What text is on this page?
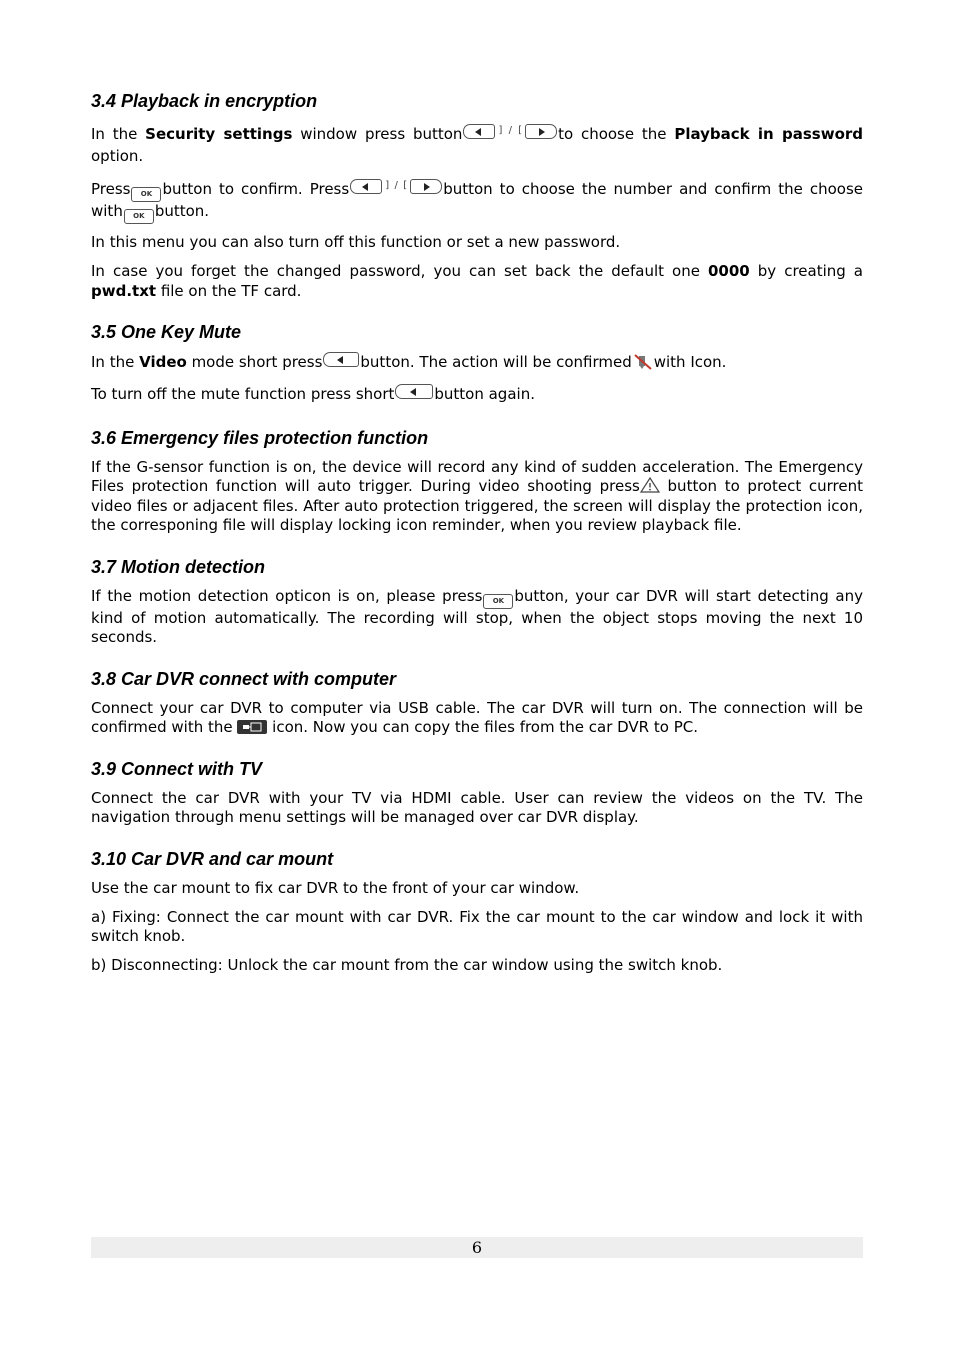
3.4 Playback in encryption

In the Security settings window press button	] / [ to choose the Playback in password option.

Press OK button to confirm. Press	] / [ button to choose the number and confirm the choose with OK button.

In this menu you can also turn off this function or set a new password.

In case you forget the changed password, you can set back the default one 0000 by creating a pwd.txt file on the TF card.

3.5 One Key Mute

In the Video mode short press	button. The action will be confirmed with Icon.

To turn off the mute function press short	button again.

3.6 Emergency files protection function

If the G-sensor function is on, the device will record any kind of sudden acceleration. The Emergency Files protection function will auto trigger. During video shooting press button to protect current video files or adjacent files. After auto protection triggered, the screen will display the protection icon, the corresponing file will display locking icon reminder, when you review playback file.

3.7 Motion detection

If the motion detection opticon is on, please press OK button, your car DVR will start detecting any kind of motion automatically. The recording will stop, when the object stops moving the next 10 seconds.

3.8 Car DVR connect with computer

Connect your car DVR to computer via USB cable. The car DVR will turn on. The connection will be confirmed with the  icon. Now you can copy the files from the car DVR to PC.

3.9 Connect with TV

Connect the car DVR with your TV via HDMI cable. User can review the videos on the TV. The navigation through menu settings will be managed over car DVR display.

3.10 Car DVR and car mount

Use the car mount to fix car DVR to the front of your car window.

a) Fixing: Connect the car mount with car DVR. Fix the car mount to the car window and lock it with switch knob.

b) Disconnecting: Unlock the car mount from the car window using the switch knob.

6
